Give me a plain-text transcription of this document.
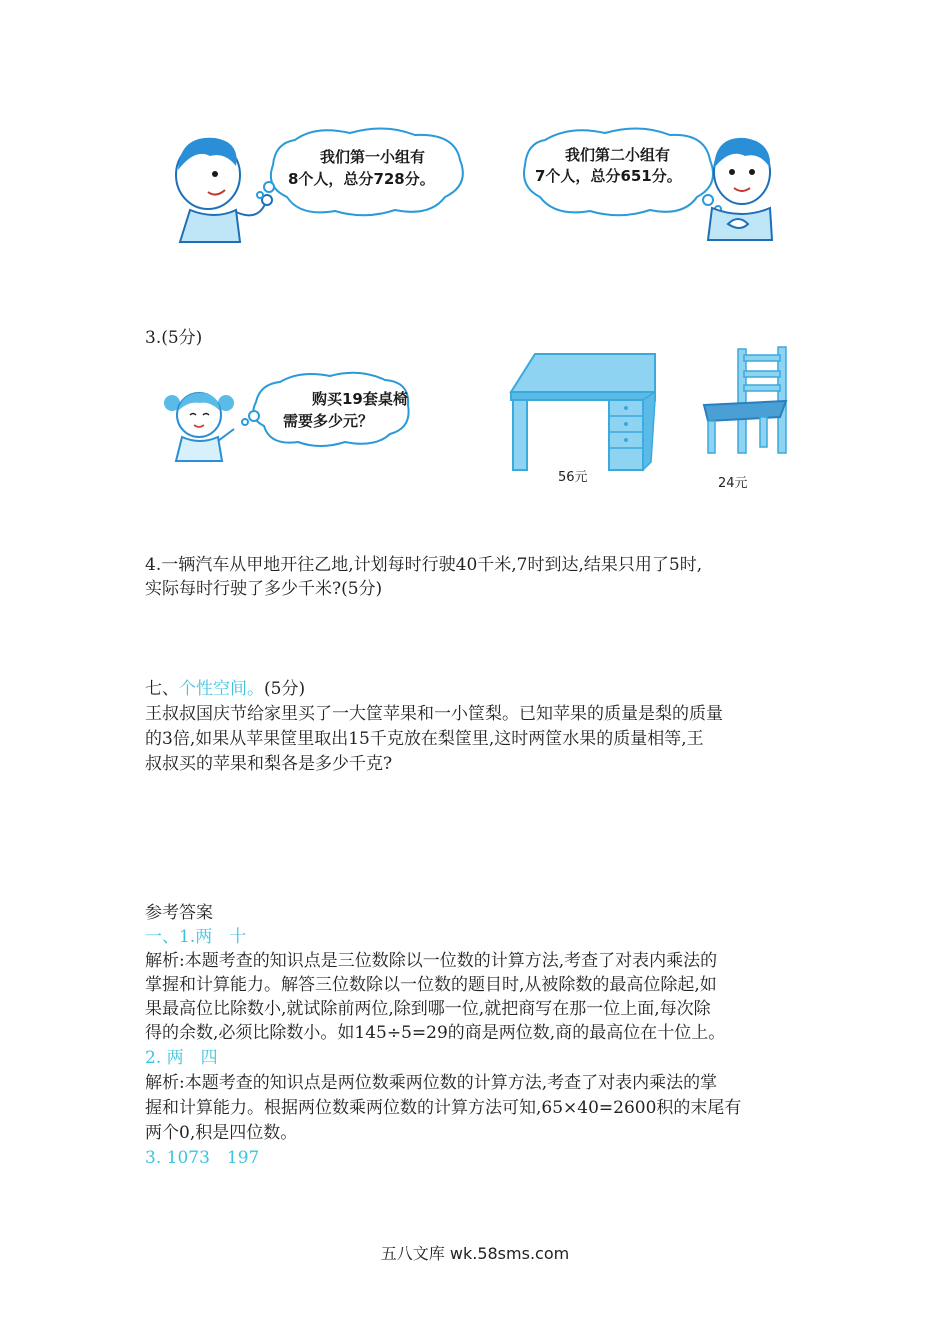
我们第一小组有
8个人，总分728分。
我们第二小组有
7个人，总分651分。
3.(5分)
购买19套桌椅
需要多少元？
56元	24元
4.一辆汽车从甲地开往乙地,计划每时行驶40千米,7时到达,结果只用了5时,
实际每时行驶了多少千米?(5分)
七、个性空间。(5分)
王叔叔国庆节给家里买了一大筐苹果和一小筐梨。已知苹果的质量是梨的质量
的3倍,如果从苹果筐里取出15千克放在梨筐里,这时两筐水果的质量相等,王
叔叔买的苹果和梨各是多少千克?
参考答案
一、1.两　十
解析:本题考查的知识点是三位数除以一位数的计算方法,考查了对表内乘法的
掌握和计算能力。解答三位数除以一位数的题目时,从被除数的最高位除起,如
果最高位比除数小,就试除前两位,除到哪一位,就把商写在那一位上面,每次除
得的余数,必须比除数小。如145÷5=29的商是两位数,商的最高位在十位上。
2. 两　四
解析:本题考查的知识点是两位数乘两位数的计算方法,考查了对表内乘法的掌
握和计算能力。根据两位数乘两位数的计算方法可知,65×40=2600积的末尾有
两个0,积是四位数。
3. 1073　197
五八文库 wk.58sms.com
